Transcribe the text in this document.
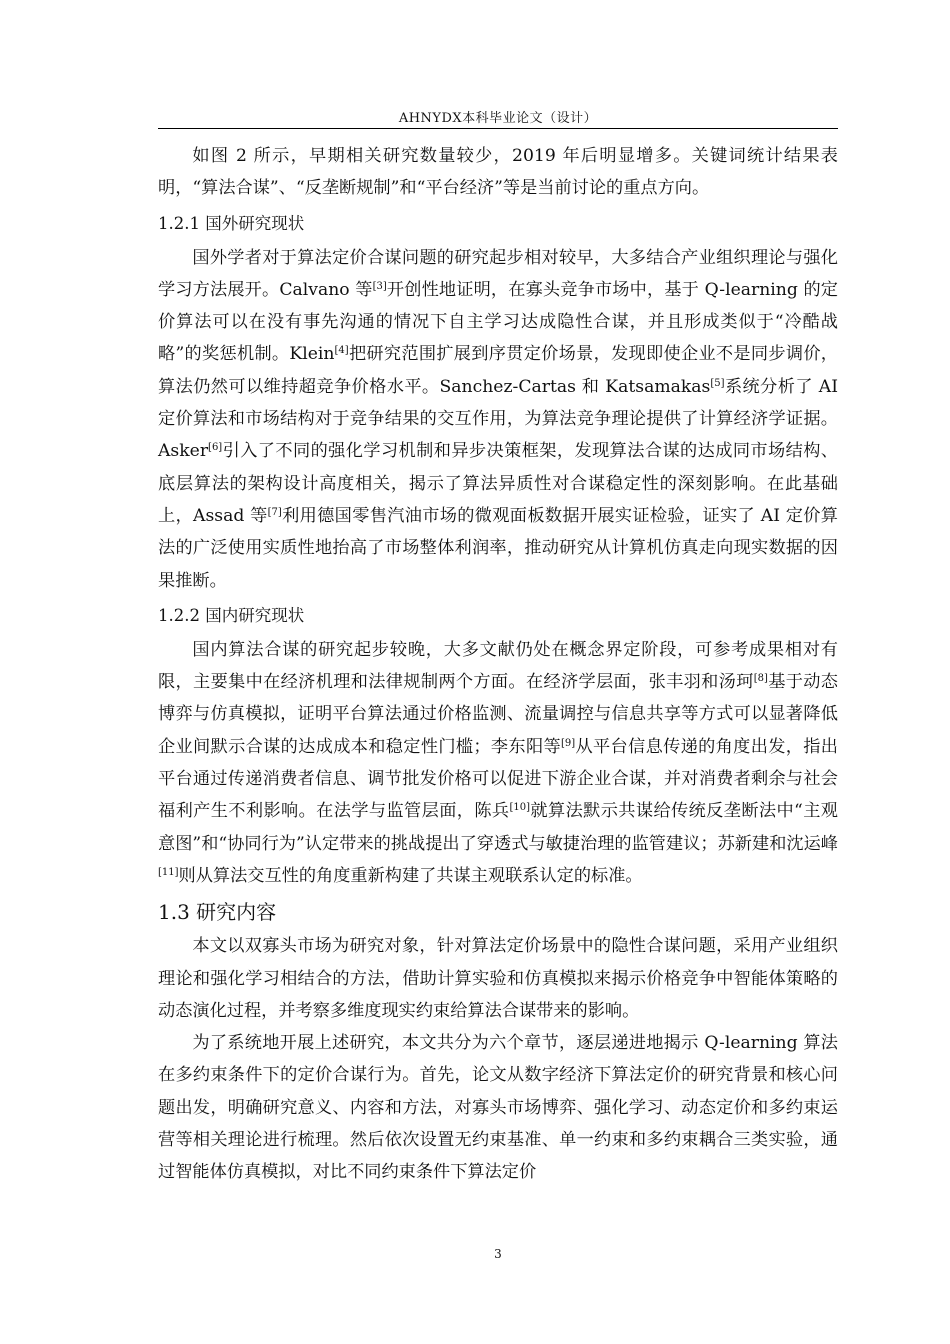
AHNYDX本科毕业论文（设计）

如图 2 所示，早期相关研究数量较少，2019 年后明显增多。关键词统计结果表明，“算法合谋”、“反垄断规制”和“平台经济”等是当前讨论的重点方向。

1.2.1 国外研究现状

国外学者对于算法定价合谋问题的研究起步相对较早，大多结合产业组织理论与强化学习方法展开。Calvano 等[3]开创性地证明，在寡头竞争市场中，基于 Q-learning 的定价算法可以在没有事先沟通的情况下自主学习达成隐性合谋，并且形成类似于“冷酷战略”的奖惩机制。Klein[4]把研究范围扩展到序贯定价场景，发现即使企业不是同步调价，算法仍然可以维持超竞争价格水平。Sanchez-Cartas 和 Katsamakas[5]系统分析了 AI 定价算法和市场结构对于竞争结果的交互作用，为算法竞争理论提供了计算经济学证据。Asker[6]引入了不同的强化学习机制和异步决策框架，发现算法合谋的达成同市场结构、底层算法的架构设计高度相关，揭示了算法异质性对合谋稳定性的深刻影响。在此基础上，Assad 等[7]利用德国零售汽油市场的微观面板数据开展实证检验，证实了 AI 定价算法的广泛使用实质性地抬高了市场整体利润率，推动研究从计算机仿真走向现实数据的因果推断。

1.2.2 国内研究现状

国内算法合谋的研究起步较晚，大多文献仍处在概念界定阶段，可参考成果相对有限，主要集中在经济机理和法律规制两个方面。在经济学层面，张丰羽和汤珂[8]基于动态博弈与仿真模拟，证明平台算法通过价格监测、流量调控与信息共享等方式可以显著降低企业间默示合谋的达成成本和稳定性门槛；李东阳等[9]从平台信息传递的角度出发，指出平台通过传递消费者信息、调节批发价格可以促进下游企业合谋，并对消费者剩余与社会福利产生不利影响。在法学与监管层面，陈兵[10]就算法默示共谋给传统反垄断法中“主观意图”和“协同行为”认定带来的挑战提出了穿透式与敏捷治理的监管建议；苏新建和沈运峰[11]则从算法交互性的角度重新构建了共谋主观联系认定的标准。

1.3 研究内容

本文以双寡头市场为研究对象，针对算法定价场景中的隐性合谋问题，采用产业组织理论和强化学习相结合的方法，借助计算实验和仿真模拟来揭示价格竞争中智能体策略的动态演化过程，并考察多维度现实约束给算法合谋带来的影响。

为了系统地开展上述研究，本文共分为六个章节，逐层递进地揭示 Q-learning 算法在多约束条件下的定价合谋行为。首先，论文从数字经济下算法定价的研究背景和核心问题出发，明确研究意义、内容和方法，对寡头市场博弈、强化学习、动态定价和多约束运营等相关理论进行梳理。然后依次设置无约束基准、单一约束和多约束耦合三类实验，通过智能体仿真模拟，对比不同约束条件下算法定价

3
